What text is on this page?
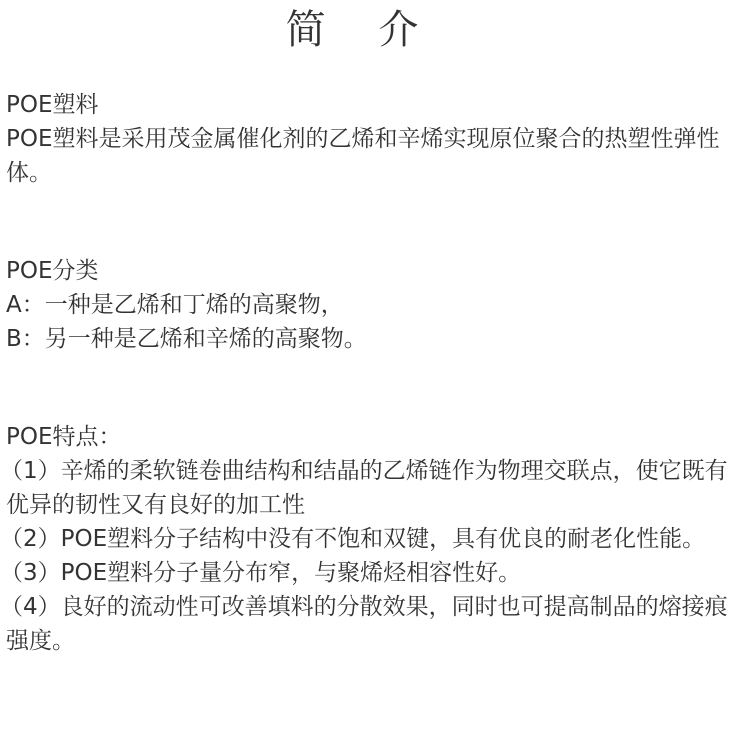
简 介

POE塑料

POE塑料是采用茂金属催化剂的乙烯和辛烯实现原位聚合的热塑性弹性体。

POE分类

A：一种是乙烯和丁烯的高聚物，

B：另一种是乙烯和辛烯的高聚物。

POE特点：

（1）辛烯的柔软链卷曲结构和结晶的乙烯链作为物理交联点，使它既有优异的韧性又有良好的加工性

（2）POE塑料分子结构中没有不饱和双键，具有优良的耐老化性能。

（3）POE塑料分子量分布窄，与聚烯烃相容性好。

（4）良好的流动性可改善填料的分散效果，同时也可提高制品的熔接痕强度。
